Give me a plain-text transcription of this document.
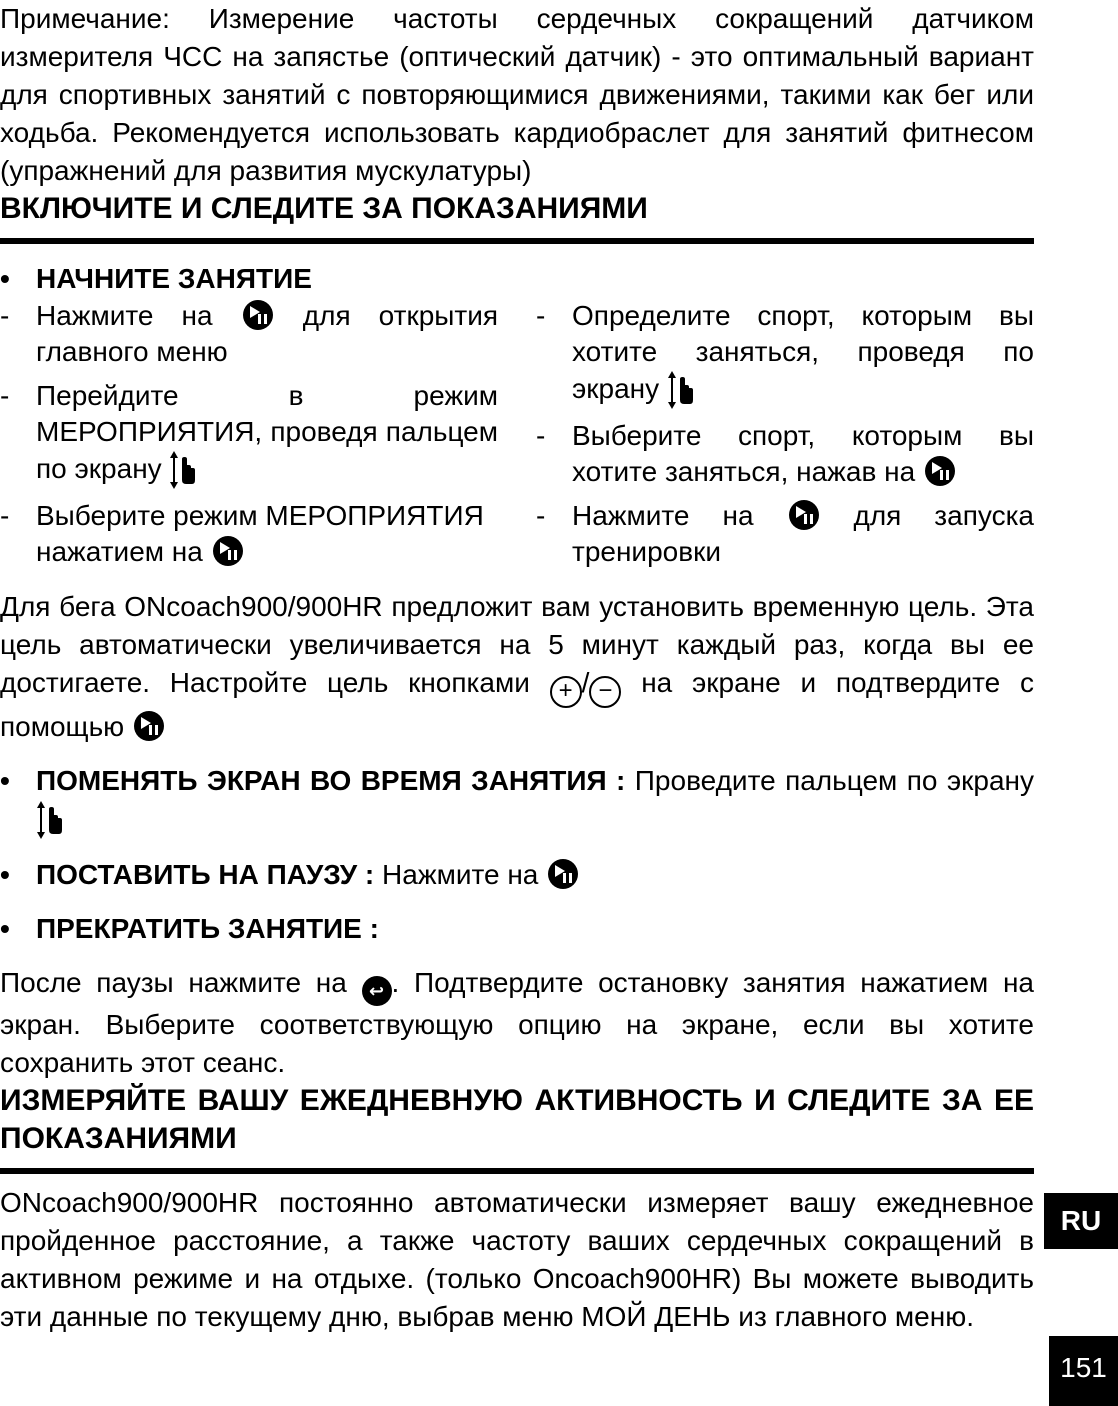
Примечание: Измерение частоты сердечных сокращений датчиком измерителя ЧСС на запястье (оптический датчик) - это оптимальный вариант для спортивных занятий с повторяющимися движениями, такими как бег или ходьба. Рекомендуется использовать кардиобраслет для занятий фитнесом (упражнений для развития мускулатуры)

ВКЛЮЧИТЕ И СЛЕДИТЕ ЗА ПОКАЗАНИЯМИ

• НАЧНИТЕ ЗАНЯТИЕ

- Нажмите на	для открытия главного меню
- Перейдите в режим МЕРОПРИЯТИЯ, проведя пальцем по экрану
- Выберите режим МЕРОПРИЯТИЯ нажатием на
- Определите спорт, которым вы хотите заняться, проведя по экрану
- Выберите спорт, которым вы хотите заняться, нажав на
- Нажмите на	для запуска тренировки

Для бега ONcoach900/900HR предложит вам установить временную цель. Эта цель автоматически увеличивается на 5 минут каждый раз, когда вы ее достигаете. Настройте цель кнопками + / − на экране и подтвердите с помощью

• ПОМЕНЯТЬ ЭКРАН ВО ВРЕМЯ ЗАНЯТИЯ : Проведите пальцем по экрану

• ПОСТАВИТЬ НА ПАУЗУ : Нажмите на

• ПРЕКРАТИТЬ ЗАНЯТИЕ :

После паузы нажмите на ↩ . Подтвердите остановку занятия нажатием на экран. Выберите соответствующую опцию на экране, если вы хотите сохранить этот сеанс.

ИЗМЕРЯЙТЕ ВАШУ ЕЖЕДНЕВНУЮ АКТИВНОСТЬ И СЛЕДИТЕ ЗА ЕЕ ПОКАЗАНИЯМИ

ONcoach900/900HR постоянно автоматически измеряет вашу ежедневное пройденное расстояние, а также частоту ваших сердечных сокращений в активном режиме и на отдыхе. (только Oncoach900HR) Вы можете выводить эти данные по текущему дню, выбрав меню МОЙ ДЕНЬ из главного меню.

RU
151
